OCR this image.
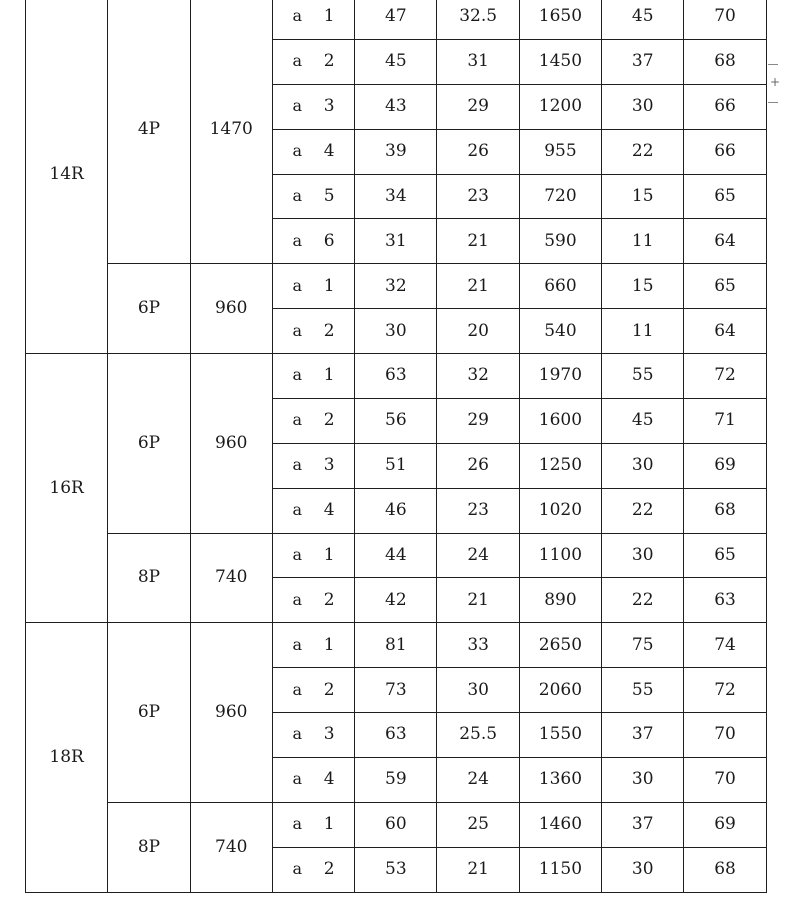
14R	4P	1470	a 1	47	32.5	1650	45	70
			a 2	45	31	1450	37	68
			a 3	43	29	1200	30	66
			a 4	39	26	955	22	66
			a 5	34	23	720	15	65
			a 6	31	21	590	11	64
	6P	960	a 1	32	21	660	15	65
			a 2	30	20	540	11	64
16R	6P	960	a 1	63	32	1970	55	72
			a 2	56	29	1600	45	71
			a 3	51	26	1250	30	69
			a 4	46	23	1020	22	68
	8P	740	a 1	44	24	1100	30	65
			a 2	42	21	890	22	63
18R	6P	960	a 1	81	33	2650	75	74
			a 2	73	30	2060	55	72
			a 3	63	25.5	1550	37	70
			a 4	59	24	1360	30	70
	8P	740	a 1	60	25	1460	37	69
			a 2	53	21	1150	30	68
+
